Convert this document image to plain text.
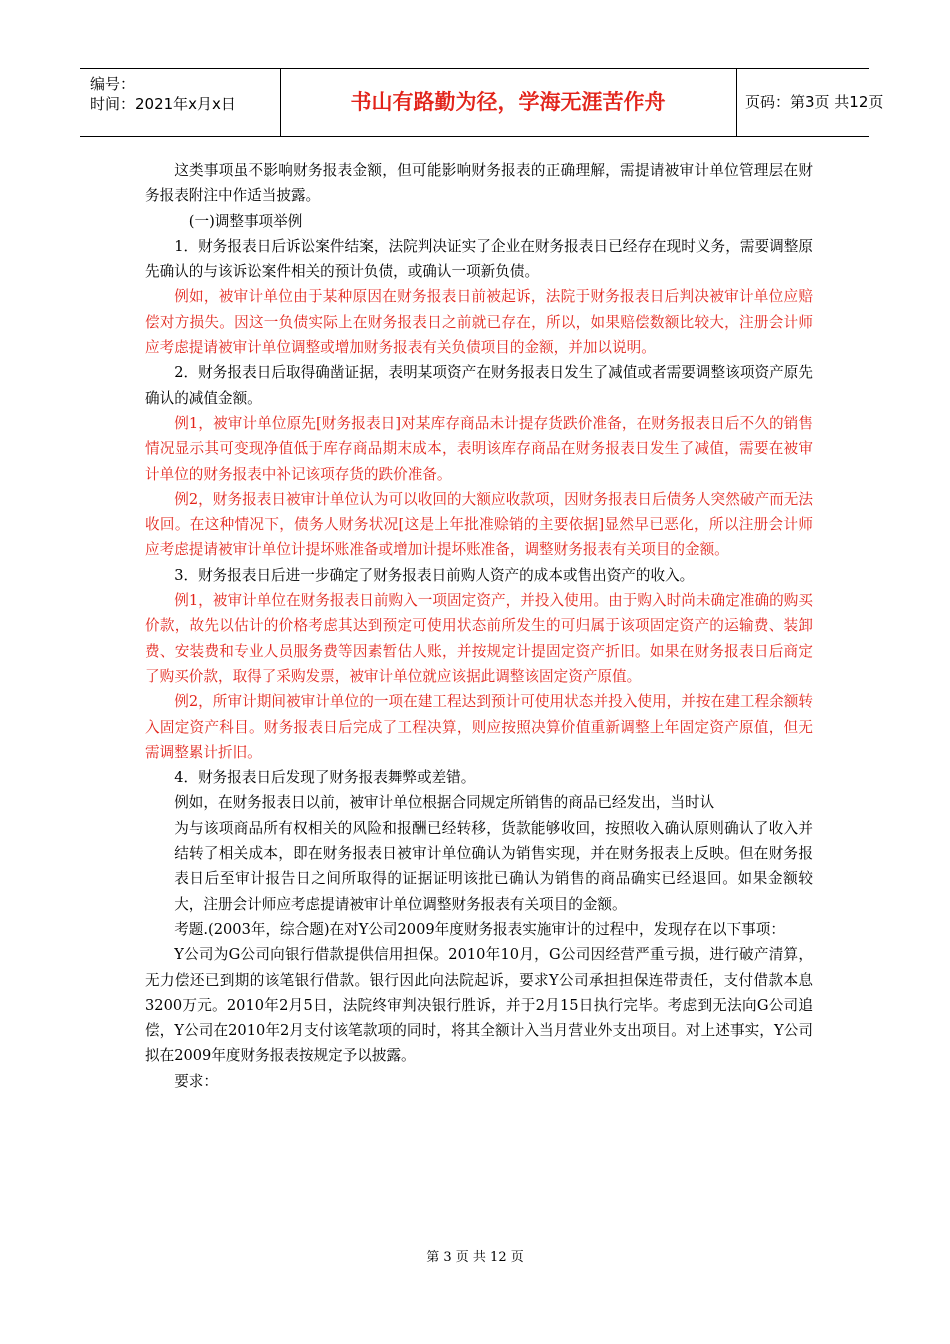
编号：
时间：2021年x月x日	书山有路勤为径，学海无涯苦作舟	页码：第3页 共12页

这类事项虽不影响财务报表金额，但可能影响财务报表的正确理解，需提请被审计单位管理层在财务报表附注中作适当披露。

(一)调整事项举例

1．财务报表日后诉讼案件结案，法院判决证实了企业在财务报表日已经存在现时义务，需要调整原先确认的与该诉讼案件相关的预计负债，或确认一项新负债。

例如，被审计单位由于某种原因在财务报表日前被起诉，法院于财务报表日后判决被审计单位应赔偿对方损失。因这一负债实际上在财务报表日之前就已存在，所以，如果赔偿数额比较大，注册会计师应考虑提请被审计单位调整或增加财务报表有关负债项目的金额，并加以说明。

2．财务报表日后取得确凿证据，表明某项资产在财务报表日发生了减值或者需要调整该项资产原先确认的减值金额。

例1，被审计单位原先[财务报表日]对某库存商品未计提存货跌价准备，在财务报表日后不久的销售情况显示其可变现净值低于库存商品期末成本，表明该库存商品在财务报表日发生了减值，需要在被审计单位的财务报表中补记该项存货的跌价准备。

例2，财务报表日被审计单位认为可以收回的大额应收款项，因财务报表日后债务人突然破产而无法收回。在这种情况下，债务人财务状况[这是上年批准赊销的主要依据]显然早已恶化，所以注册会计师应考虑提请被审计单位计提坏账准备或增加计提坏账准备，调整财务报表有关项目的金额。

3．财务报表日后进一步确定了财务报表日前购人资产的成本或售出资产的收入。

例1，被审计单位在财务报表日前购入一项固定资产，并投入使用。由于购入时尚未确定准确的购买价款，故先以估计的价格考虑其达到预定可使用状态前所发生的可归属于该项固定资产的运输费、装卸费、安装费和专业人员服务费等因素暂估人账，并按规定计提固定资产折旧。如果在财务报表日后商定了购买价款，取得了采购发票，被审计单位就应该据此调整该固定资产原值。

例2，所审计期间被审计单位的一项在建工程达到预计可使用状态并投入使用，并按在建工程余额转入固定资产科目。财务报表日后完成了工程决算，则应按照决算价值重新调整上年固定资产原值，但无需调整累计折旧。

4．财务报表日后发现了财务报表舞弊或差错。

例如，在财务报表日以前，被审计单位根据合同规定所销售的商品已经发出，当时认

为与该项商品所有权相关的风险和报酬已经转移，货款能够收回，按照收入确认原则确认了收入并结转了相关成本，即在财务报表日被审计单位确认为销售实现，并在财务报表上反映。但在财务报表日后至审计报告日之间所取得的证据证明该批已确认为销售的商品确实已经退回。如果金额较大，注册会计师应考虑提请被审计单位调整财务报表有关项目的金额。

考题.(2003年，综合题)在对Y公司2009年度财务报表实施审计的过程中，发现存在以下事项：

Y公司为G公司向银行借款提供信用担保。2010年10月，G公司因经营严重亏损，进行破产清算，无力偿还已到期的该笔银行借款。银行因此向法院起诉，要求Y公司承担担保连带责任，支付借款本息3200万元。2010年2月5日，法院终审判决银行胜诉，并于2月15日执行完毕。考虑到无法向G公司追偿，Y公司在2010年2月支付该笔款项的同时，将其全额计入当月营业外支出项目。对上述事实，Y公司拟在2009年度财务报表按规定予以披露。

要求：

第 3 页 共 12 页
